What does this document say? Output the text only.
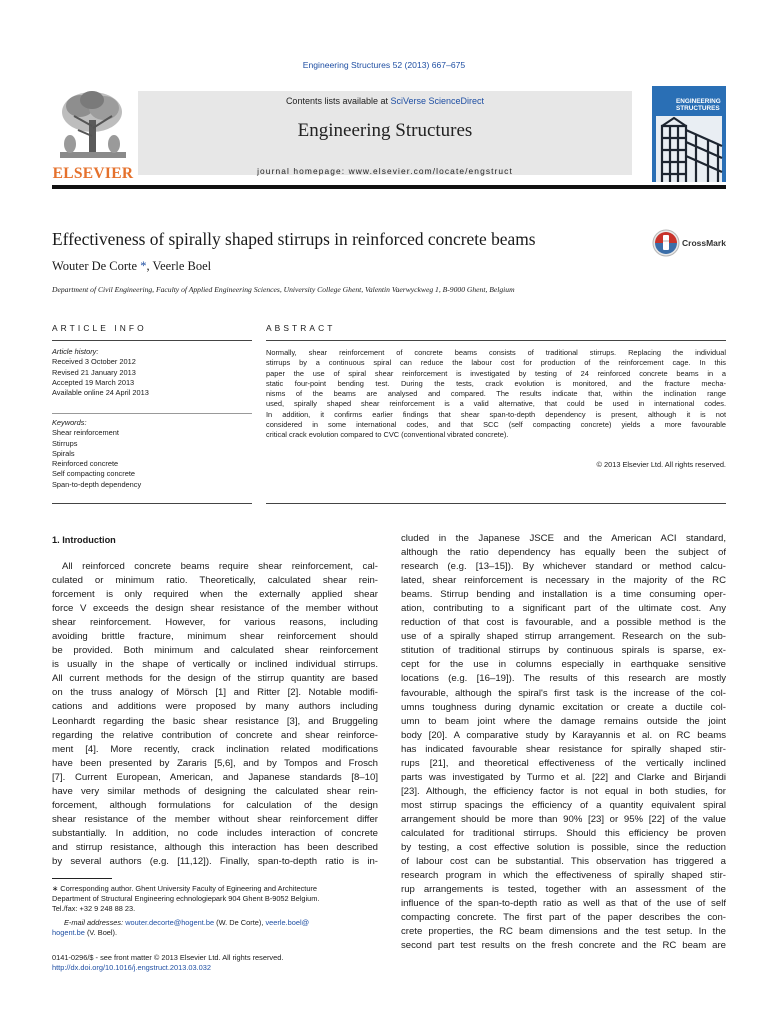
Engineering Structures 52 (2013) 667–675
ELSEVIER
Contents lists available at SciVerse ScienceDirect
Engineering Structures
journal homepage: www.elsevier.com/locate/engstruct
ENGINEERING
STRUCTURES
Effectiveness of spirally shaped stirrups in reinforced concrete beams	CrossMark
Wouter De Corte *, Veerle Boel
Department of Civil Engineering, Faculty of Applied Engineering Sciences, University College Ghent, Valentin Vaerwyckweg 1, B-9000 Ghent, Belgium
ARTICLE INFO	ABSTRACT
Article history:
Received 3 October 2012
Revised 21 January 2013
Accepted 19 March 2013
Available online 24 April 2013
Keywords:
Shear reinforcement
Stirrups
Spirals
Reinforced concrete
Self compacting concrete
Span-to-depth dependency
Normally, shear reinforcement of concrete beams consists of traditional stirrups. Replacing the individual
stirrups by a continuous spiral can reduce the labour cost for production of the reinforcement cage. In this
paper the use of spiral shear reinforcement is investigated by testing of 24 reinforced concrete beams in a
static four-point bending test. During the tests, crack evolution is monitored, and the fracture mecha-
nisms of the beams are analysed and compared. The results indicate that, within the inclination range
used, spirally shaped shear reinforcement is a valid alternative, that could be used in international codes.
In addition, it confirms earlier findings that shear span-to-depth dependency is present, although it is not
considered in some international codes, and that SCC (self compacting concrete) yields a more favourable
critical crack evolution compared to CVC (conventional vibrated concrete).
© 2013 Elsevier Ltd. All rights reserved.
1. Introduction
All reinforced concrete beams require shear reinforcement, cal-
culated or minimum ratio. Theoretically, calculated shear rein-
forcement is only required when the externally applied shear
force V exceeds the design shear resistance of the member without
shear reinforcement. However, for various reasons, including
avoiding brittle fracture, minimum shear reinforcement should
be provided. Both minimum and calculated shear reinforcement
is usually in the shape of vertically or inclined individual stirrups.
All current methods for the design of the stirrup quantity are based
on the truss analogy of Mörsch [1] and Ritter [2]. Notable modifi-
cations and additions were proposed by many authors including
Leonhardt regarding the basic shear resistance [3], and Bruggeling
regarding the relative contribution of concrete and shear reinforce-
ment [4]. More recently, crack inclination related modifications
have been presented by Zararis [5,6], and by Tompos and Frosch
[7]. Current European, American, and Japanese standards [8–10]
have very similar methods of designing the calculated shear rein-
forcement, although formulations for calculation of the design
shear resistance of the member without shear reinforcement differ
substantially. In addition, no code includes interaction of concrete
and stirrup resistance, although this interaction has been described
by several authors (e.g. [11,12]). Finally, span-to-depth ratio is in-
cluded in the Japanese JSCE and the American ACI standard,
although the ratio dependency has equally been the subject of
research (e.g. [13–15]). By whichever standard or method calcu-
lated, shear reinforcement is necessary in the majority of the RC
beams. Stirrup bending and installation is a time consuming oper-
ation, contributing to a significant part of the ultimate cost. Any
reduction of that cost is favourable, and a possible method is the
use of a spirally shaped stirrup arrangement. Research on the sub-
stitution of traditional stirrups by continuous spirals is sparse, ex-
cept for the use in columns especially in earthquake sensitive
locations (e.g. [16–19]). The results of this research are mostly
favourable, although the spiral's first task is the increase of the col-
umns toughness during dynamic excitation or create a ductile col-
umn to beam joint where the damage remains outside the joint
body [20]. A comparative study by Karayannis et al. on RC beams
has indicated favourable shear resistance for spirally shaped stir-
rups [21], and theoretical effectiveness of the vertically inclined
parts was investigated by Turmo et al. [22] and Clarke and Birjandi
[23]. Although, the efficiency factor is not equal in both studies, for
most stirrup spacings the efficiency of a quantity equivalent spiral
arrangement should be more than 90% [23] or 95% [22] of the value
calculated for traditional stirrups. Should this efficiency be proven
by testing, a cost effective solution is possible, since the reduction
of labour cost can be substantial. This observation has triggered a
research program in which the effectiveness of spirally shaped stir-
rup arrangements is tested, together with an assessment of the
influence of the span-to-depth ratio as well as that of the use of self
compacting concrete. The first part of the paper describes the con-
crete properties, the RC beam dimensions and the test setup. In the
second part test results on the fresh concrete and the RC beam are
∗ Corresponding author. Ghent University Faculty of Egineering and Architecture
Department of Structural Engineering echnologiepark 904 Ghent B-9052 Belgium.
Tel./fax: +32 9 248 88 23.
E-mail addresses: wouter.decorte@hogent.be (W. De Corte), veerle.boel@
hogent.be (V. Boel).
0141-0296/$ - see front matter © 2013 Elsevier Ltd. All rights reserved.
http://dx.doi.org/10.1016/j.engstruct.2013.03.032
